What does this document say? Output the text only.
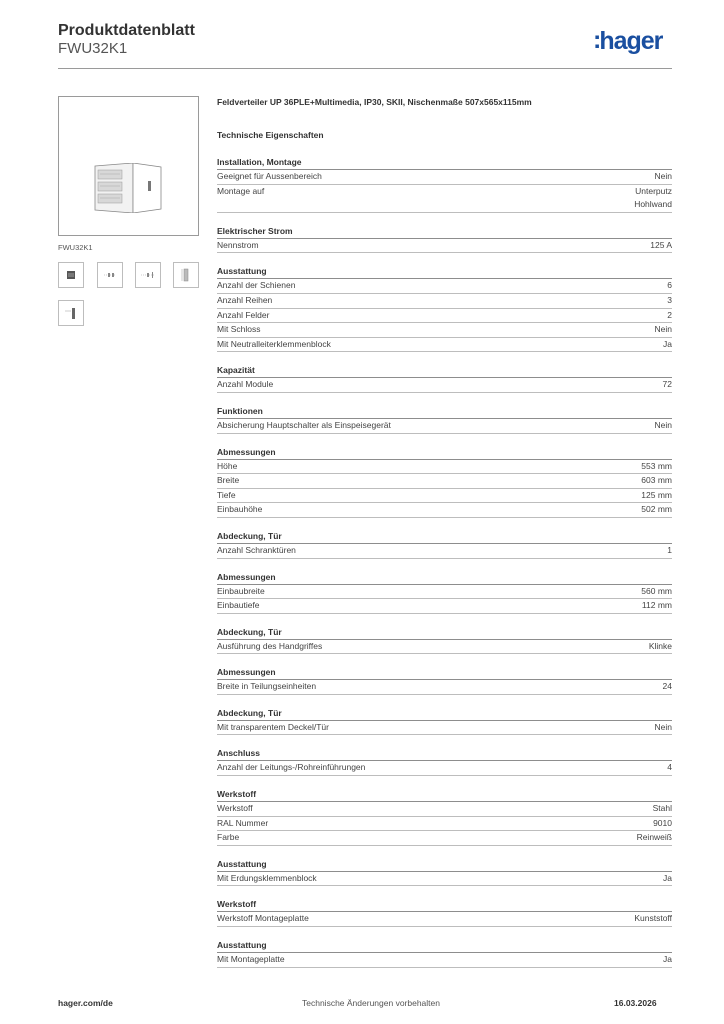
Produktdatenblatt
FWU32K1	:hager
FWU32K1
Feldverteiler UP 36PLE+Multimedia, IP30, SKII, Nischenmaße 507x565x115mm
Technische Eigenschaften
Installation, Montage
Geeignet für Aussenbereich	Nein
Montage auf	Unterputz
Hohlwand
Elektrischer Strom
Nennstrom	125 A
Ausstattung
Anzahl der Schienen	6
Anzahl Reihen	3
Anzahl Felder	2
Mit Schloss	Nein
Mit Neutralleiterklemmenblock	Ja
Kapazität
Anzahl Module	72
Funktionen
Absicherung Hauptschalter als Einspeisegerät	Nein
Abmessungen
Höhe	553 mm
Breite	603 mm
Tiefe	125 mm
Einbauhöhe	502 mm
Abdeckung, Tür
Anzahl Schranktüren	1
Abmessungen
Einbaubreite	560 mm
Einbautiefe	112 mm
Abdeckung, Tür
Ausführung des Handgriffes	Klinke
Abmessungen
Breite in Teilungseinheiten	24
Abdeckung, Tür
Mit transparentem Deckel/Tür	Nein
Anschluss
Anzahl der Leitungs-/Rohreinführungen	4
Werkstoff
Werkstoff	Stahl
RAL Nummer	9010
Farbe	Reinweiß
Ausstattung
Mit Erdungsklemmenblock	Ja
Werkstoff
Werkstoff Montageplatte	Kunststoff
Ausstattung
Mit Montageplatte	Ja
hager.com/de	Technische Änderungen vorbehalten	16.03.2026
